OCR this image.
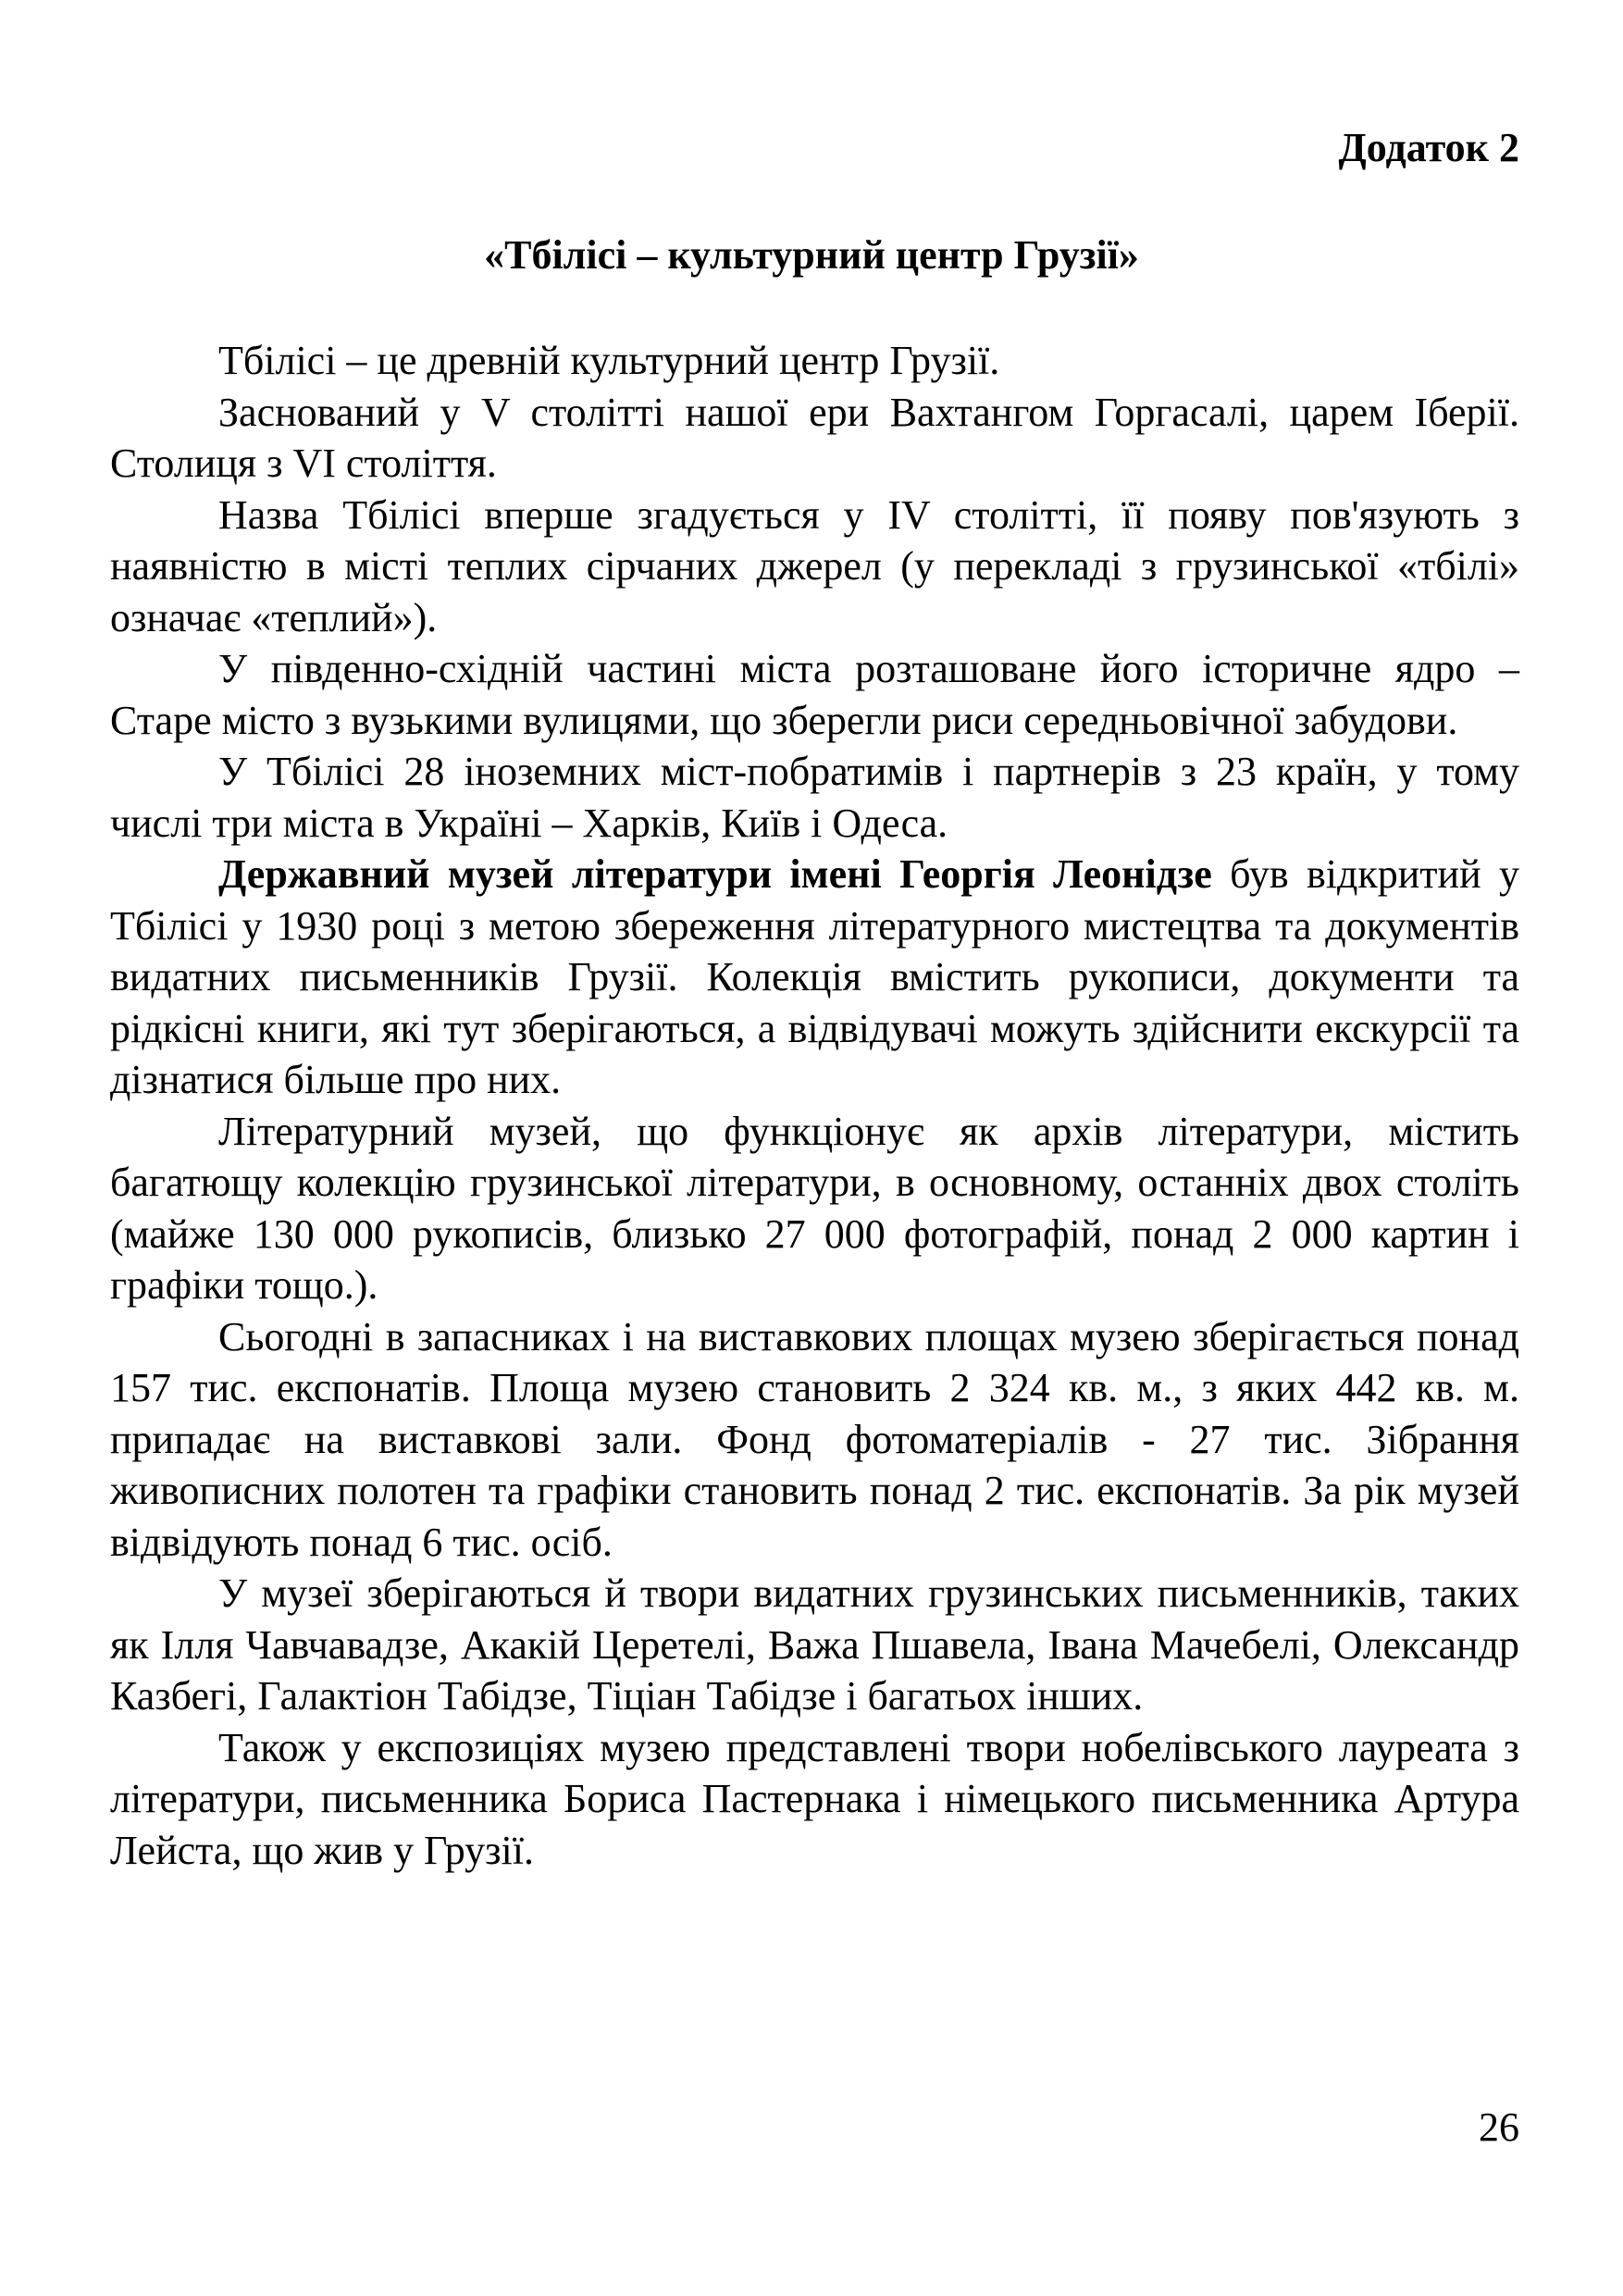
Додаток 2

«Тбілісі – культурний центр Грузії»

Тбілісі – це древній культурний центр Грузії.

Заснований у V столітті нашої ери Вахтангом Горгасалі, царем Іберії. Столиця з VI століття.

Назва Тбілісі вперше згадується у IV столітті, її появу пов'язують з наявністю в місті теплих сірчаних джерел (у перекладі з грузинської «тбілі» означає «теплий»).

У південно-східній частині міста розташоване його історичне ядро – Старе місто з вузькими вулицями, що зберегли риси середньовічної забудови.

У Тбілісі 28 іноземних міст-побратимів і партнерів з 23 країн, у тому числі три міста в Україні – Харків, Київ і Одеса.

Державний музей літератури імені Георгія Леонідзе був відкритий у Тбілісі у 1930 році з метою збереження літературного мистецтва та документів видатних письменників Грузії. Колекція вмістить рукописи, документи та рідкісні книги, які тут зберігаються, а відвідувачі можуть здійснити екскурсії та дізнатися більше про них.

Літературний музей, що функціонує як архів літератури, містить багатющу колекцію грузинської літератури, в основному, останніх двох століть (майже 130 000 рукописів, близько 27 000 фотографій, понад 2 000 картин і графіки тощо.).

Сьогодні в запасниках і на виставкових площах музею зберігається понад 157 тис. експонатів. Площа музею становить 2 324 кв. м., з яких 442 кв. м. припадає на виставкові зали. Фонд фотоматеріалів - 27 тис. Зібрання живописних полотен та графіки становить понад 2 тис. експонатів. За рік музей відвідують понад 6 тис. осіб.

У музеї зберігаються й твори видатних грузинських письменників, таких як Ілля Чавчавадзе, Акакій Церетелі, Важа Пшавела, Івана Мачебелі, Олександр Казбегі, Галактіон Табідзе, Тіціан Табідзе і багатьох інших.

Також у експозиціях музею представлені твори нобелівського лауреата з літератури, письменника Бориса Пастернака і німецького письменника Артура Лейста, що жив у Грузії.

26
